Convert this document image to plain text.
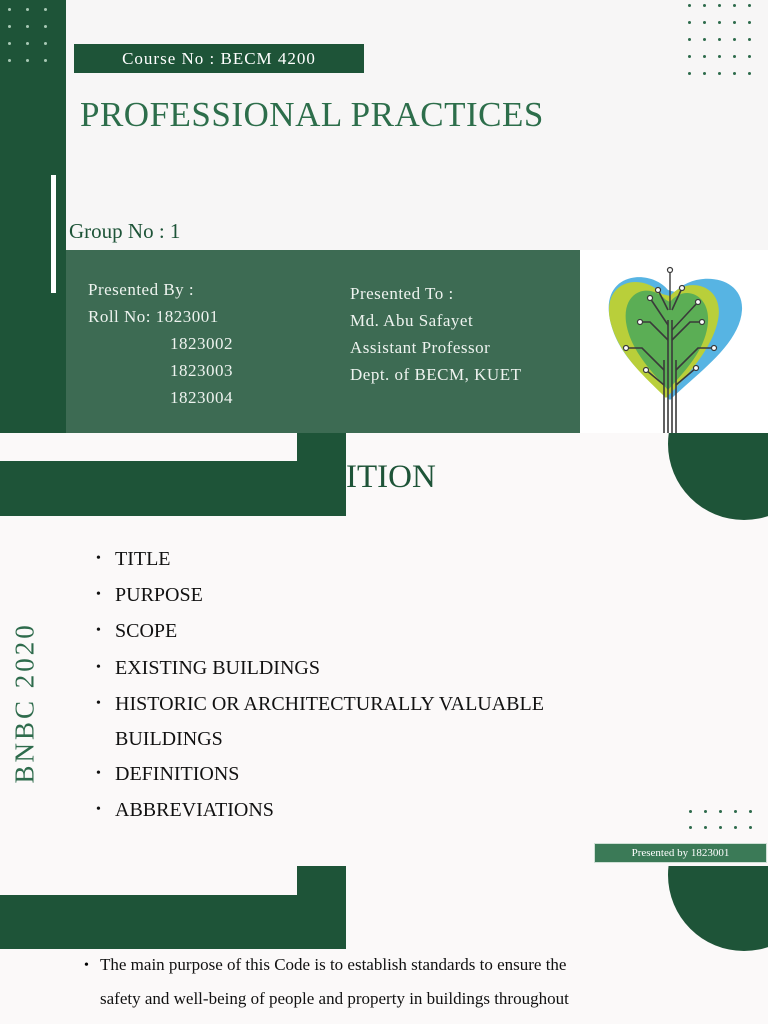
Course No : BECM 4200
PROFESSIONAL PRACTICES
Group No : 1
Presented By :
Roll No: 1823001
1823002
1823003
1823004
Presented To :
Md. Abu Safayet
Assistant Professor
Dept. of BECM, KUET
ITION
• TITLE
• PURPOSE
• SCOPE
• EXISTING BUILDINGS
• HISTORIC OR ARCHITECTURALLY VALUABLE
BUILDINGS
• DEFINITIONS
• ABBREVIATIONS
BNBC 2020
Presented by 1823001
• The main purpose of this Code is to establish standards to ensure the
safety and well-being of people and property in buildings throughout
